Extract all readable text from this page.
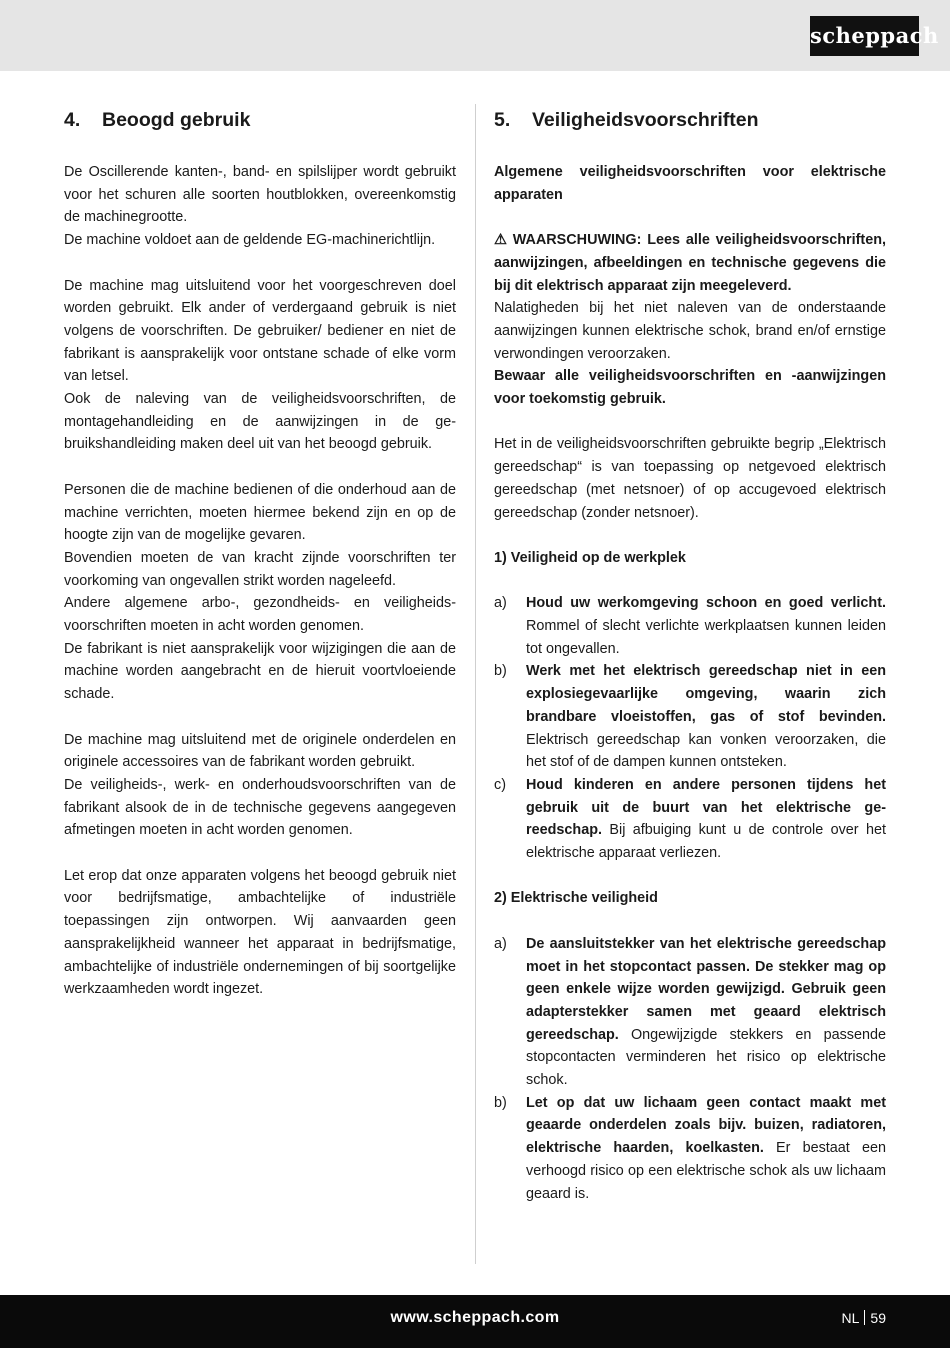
scheppach
4. Beoogd gebruik

De Oscillerende kanten-, band- en spilslijper wordt gebruikt voor het schuren alle soorten houtblokken, overeenkomstig de machinegrootte.

De machine voldoet aan de geldende EG-machinerichtlijn.

De machine mag uitsluitend voor het voorgeschreven doel worden gebruikt. Elk ander of verdergaand gebruik is niet volgens de voorschriften. De gebruiker/ bediener en niet de fabrikant is aansprakelijk voor ontstane schade of elke vorm van letsel.

Ook de naleving van de veiligheidsvoorschriften, de montagehandleiding en de aanwijzingen in de gebruikshandleiding maken deel uit van het beoogd gebruik.

Personen die de machine bedienen of die onderhoud aan de machine verrichten, moeten hiermee bekend zijn en op de hoogte zijn van de mogelijke gevaren.

Bovendien moeten de van kracht zijnde voorschriften ter voorkoming van ongevallen strikt worden nageleefd.

Andere algemene arbo-, gezondheids- en veiligheidsvoorschriften moeten in acht worden genomen.

De fabrikant is niet aansprakelijk voor wijzigingen die aan de machine worden aangebracht en de hieruit voortvloeiende schade.

De machine mag uitsluitend met de originele onderdelen en originele accessoires van de fabrikant worden gebruikt.

De veiligheids-, werk- en onderhoudsvoorschriften van de fabrikant alsook de in de technische gegevens aangegeven afmetingen moeten in acht worden genomen.

Let erop dat onze apparaten volgens het beoogd gebruik niet voor bedrijfsmatige, ambachtelijke of industriële toepassingen zijn ontworpen. Wij aanvaarden geen aansprakelijkheid wanneer het apparaat in bedrijfsmatige, ambachtelijke of industriële ondernemingen of bij soortgelijke werkzaamheden wordt ingezet.

5. Veiligheidsvoorschriften

Algemene veiligheidsvoorschriften voor elektrische apparaten

⚠ WAARSCHUWING: Lees alle veiligheidsvoorschriften, aanwijzingen, afbeeldingen en technische gegevens die bij dit elektrisch apparaat zijn meegeleverd.

Nalatigheden bij het niet naleven van de onderstaande aanwijzingen kunnen elektrische schok, brand en/of ernstige verwondingen veroorzaken.

Bewaar alle veiligheidsvoorschriften en -aanwijzingen voor toekomstig gebruik.

Het in de veiligheidsvoorschriften gebruikte begrip „Elektrisch gereedschap“ is van toepassing op netgevoed elektrisch gereedschap (met netsnoer) of op accugevoed elektrisch gereedschap (zonder netsnoer).

1) Veiligheid op de werkplek

a)	Houd uw werkomgeving schoon en goed verlicht. Rommel of slecht verlichte werkplaatsen kunnen leiden tot ongevallen.
b)	Werk met het elektrisch gereedschap niet in een explosiegevaarlijke omgeving, waarin zich brandbare vloeistoffen, gas of stof bevinden. Elektrisch gereedschap kan vonken veroorzaken, die het stof of de dampen kunnen ontsteken.
c)	Houd kinderen en andere personen tijdens het gebruik uit de buurt van het elektrische gereedschap. Bij afbuiging kunt u de controle over het elektrische apparaat verliezen.

2) Elektrische veiligheid

a)	De aansluitstekker van het elektrische gereedschap moet in het stopcontact passen. De stekker mag op geen enkele wijze worden gewijzigd. Gebruik geen adapterstekker samen met geaard elektrisch gereedschap. Ongewijzigde stekkers en passende stopcontacten verminderen het risico op elektrische schok.
b)	Let op dat uw lichaam geen contact maakt met geaarde onderdelen zoals bijv. buizen, radiatoren, elektrische haarden, koelkasten. Er bestaat een verhoogd risico op een elektrische schok als uw lichaam geaard is.
www.scheppach.com	NL 59
